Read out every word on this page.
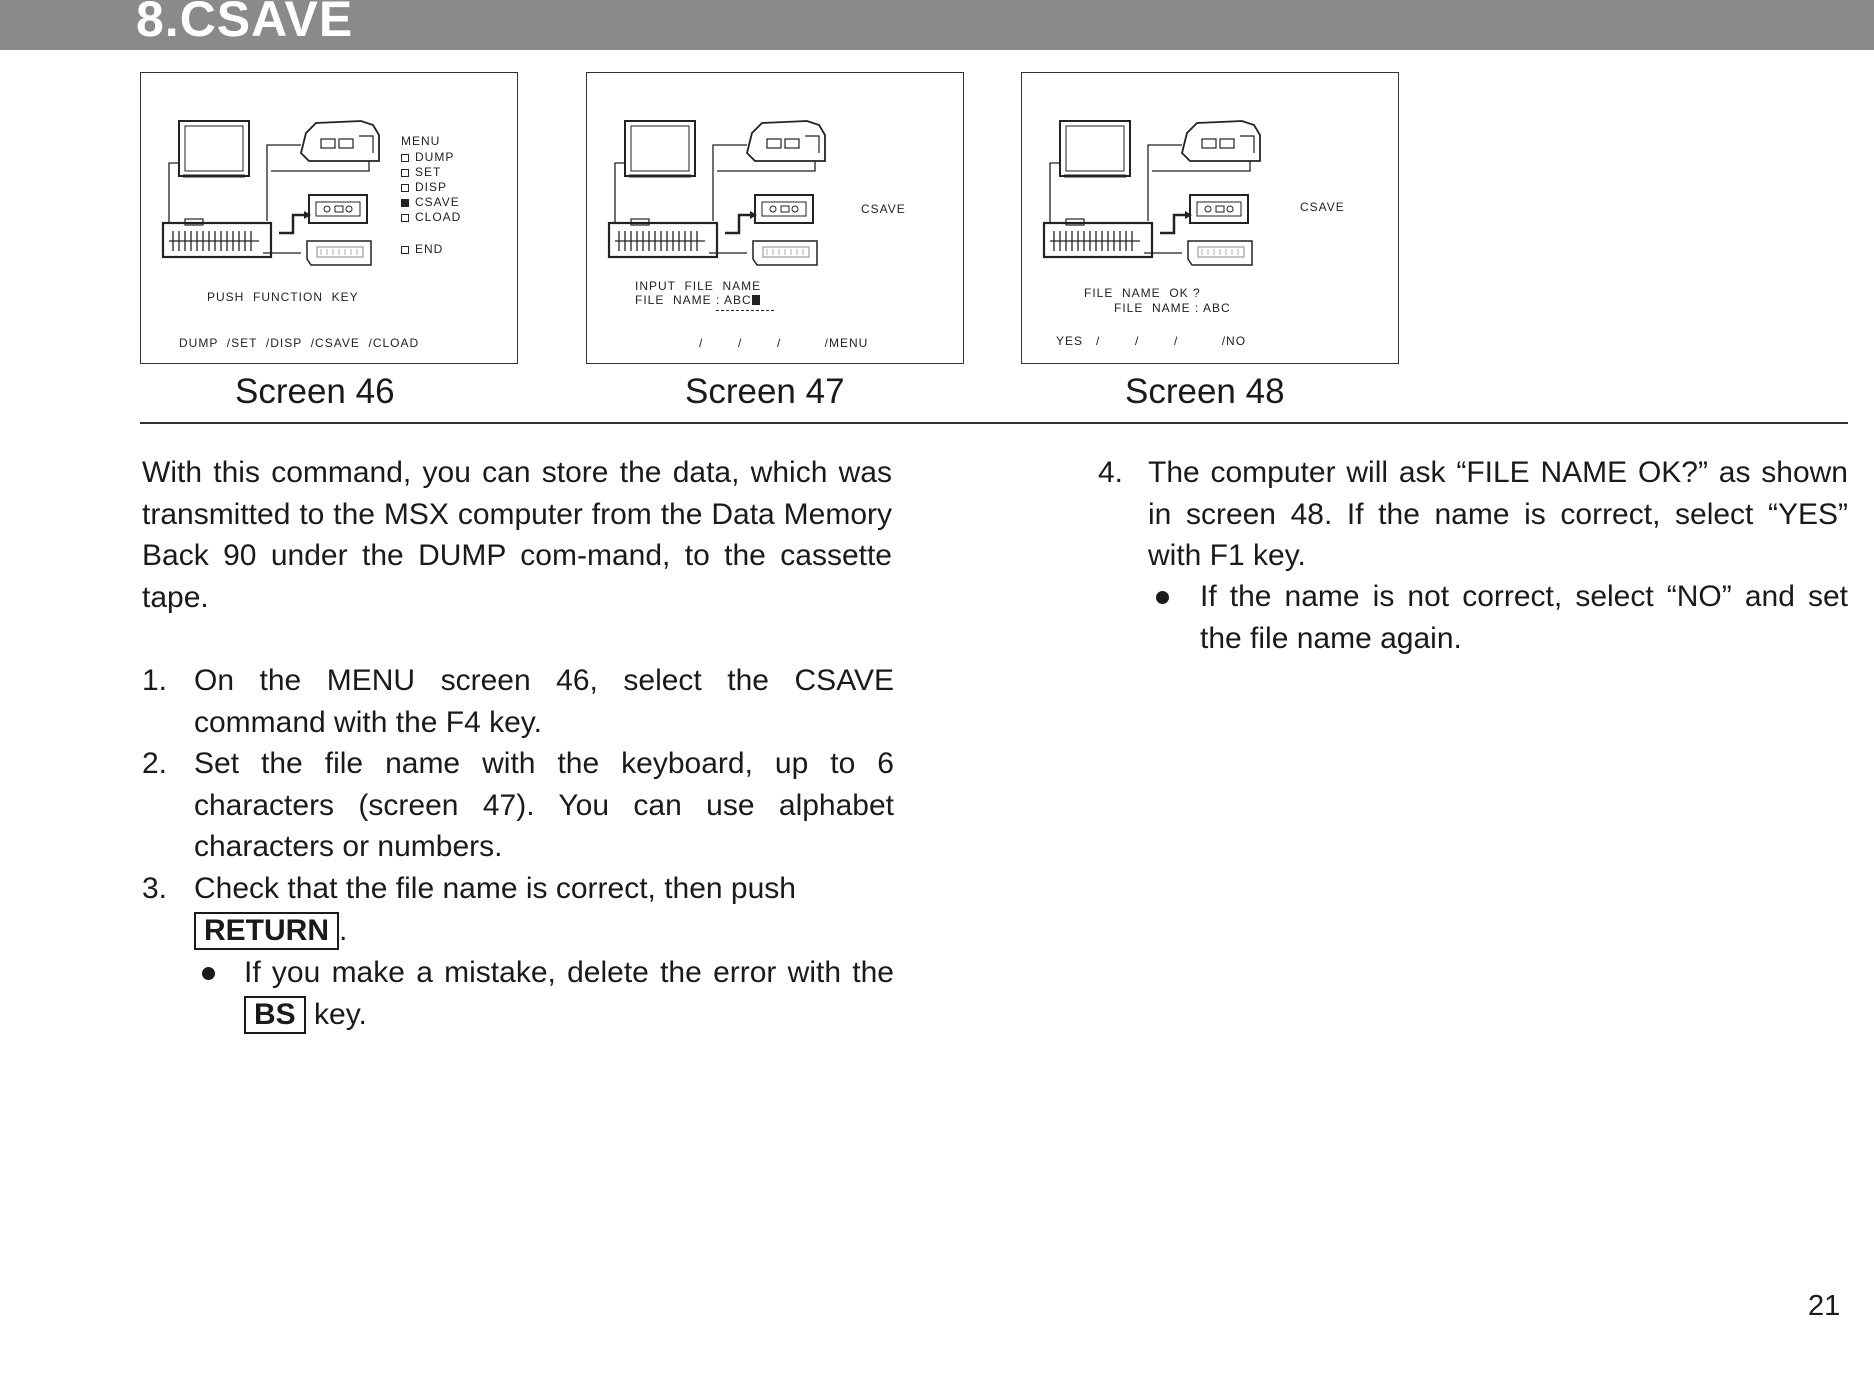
8.CSAVE
MENU
DUMP
SET
DISP
CSAVE
CLOAD
END
PUSH  FUNCTION  KEY
DUMP  /SET  /DISP  /CSAVE  /CLOAD
Screen 46
CSAVE
INPUT  FILE  NAME
FILE  NAME : ABC
/        /        /          /MENU
Screen 47
CSAVE
FILE  NAME  OK ?
FILE  NAME : ABC
YES   /        /        /          /NO
Screen 48
With this command, you can store the data, which was transmitted to the MSX computer from the Data Memory Back 90 under the DUMP com-mand, to the cassette tape.
1. On the MENU screen 46, select the CSAVE command with the F4 key.
2. Set the file name with the keyboard, up to 6 characters (screen 47). You can use alphabet characters or numbers.
3. Check that the file name is correct, then push
RETURN .
If you make a mistake, delete the error with the BS key.
4. The computer will ask “FILE NAME OK?” as shown in screen 48. If the name is correct, select “YES” with F1 key.
If the name is not correct, select “NO” and set the file name again.
21
